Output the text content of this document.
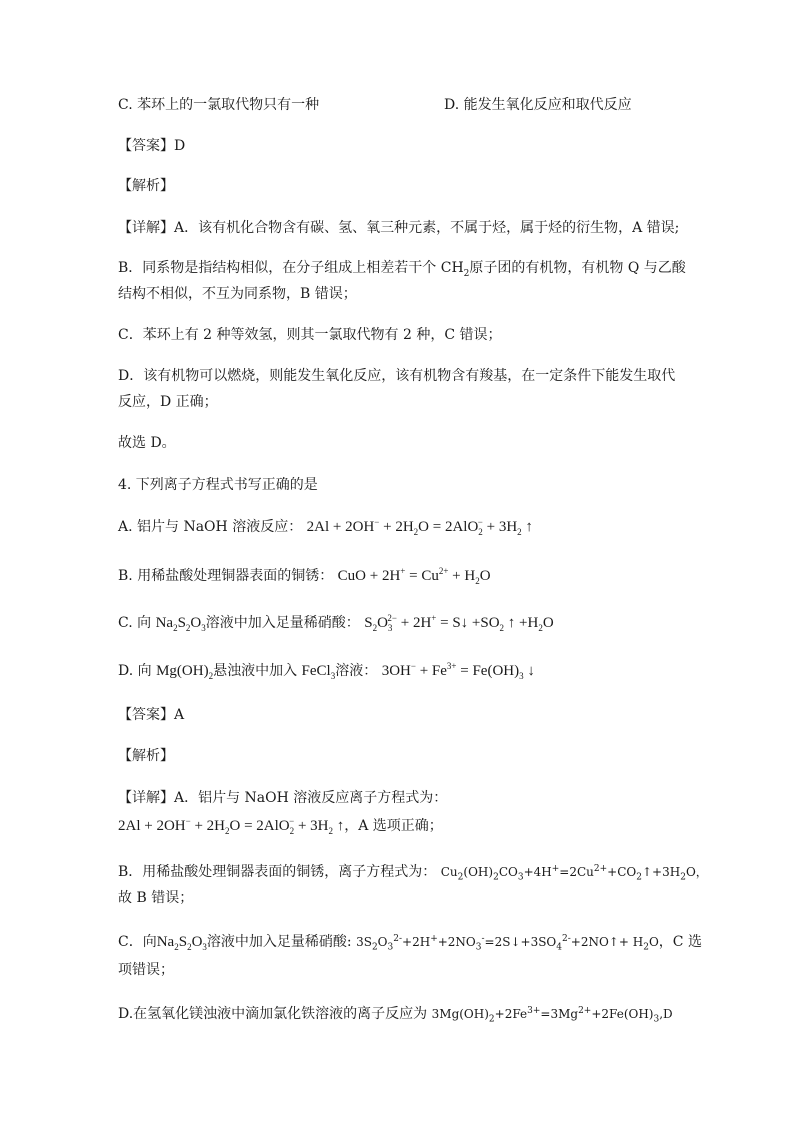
C. 苯环上的一氯取代物只有一种	D. 能发生氧化反应和取代反应
【答案】D
【解析】
【详解】A．该有机化合物含有碳、氢、氧三种元素，不属于烃，属于烃的衍生物，A 错误;
B．同系物是指结构相似，在分子组成上相差若干个 $CH_2$原子团的有机物，有机物 Q 与乙酸
结构不相似，不互为同系物，B 错误；
C．苯环上有 2 种等效氢，则其一氯取代物有 2 种，C 错误；
D．该有机物可以燃烧，则能发生氧化反应，该有机物含有羧基，在一定条件下能发生取代
反应，D 正确；
故选 D。
4. 下列离子方程式书写正确的是
A. 铝片与 NaOH 溶液反应： $2Al + 2OH^- + 2H_2O = 2AlO_2^- + 3H_2$ ↑
B. 用稀盐酸处理铜器表面的铜锈： CuO + $2H^+ = Cu^{2+} + H_2O$
C. 向 $Na_2S_2O_3$溶液中加入足量稀硝酸： $S_2O_3^{2-} + 2H^+$ = S↓ $+SO_2$ ↑ $+H_2O$
D. 向 $Mg(OH)_2$悬浊液中加入 FeCl$_3$溶液： $3OH^- + Fe^{3+} = Fe(OH)_3$ ↓
【答案】A
【解析】
【详解】A．铝片与 NaOH 溶液反应离子方程式为：
$2Al + 2OH^- + 2H_2O = 2AlO_2^- + 3H_2$ ↑，A 选项正确；
B．用稀盐酸处理铜器表面的铜锈，离子方程式为： $Cu_2(OH)_2CO_3+4H^+=2Cu^{2+}+CO_2↑+3H_2O$，
故 B 错误；
C．向$Na_2S_2O_3$溶液中加入足量稀硝酸: $3S_2O_3^{2-}+2H^++2NO_3^-=2S↓+3SO_4^{2-}+2NO↑+ H_2O$，C 选
项错误；
D.在氢氧化镁浊液中滴加氯化铁溶液的离子反应为 $3Mg(OH)_2+2Fe^{3+}=3Mg^{2+}+2Fe(OH)_3,D$
